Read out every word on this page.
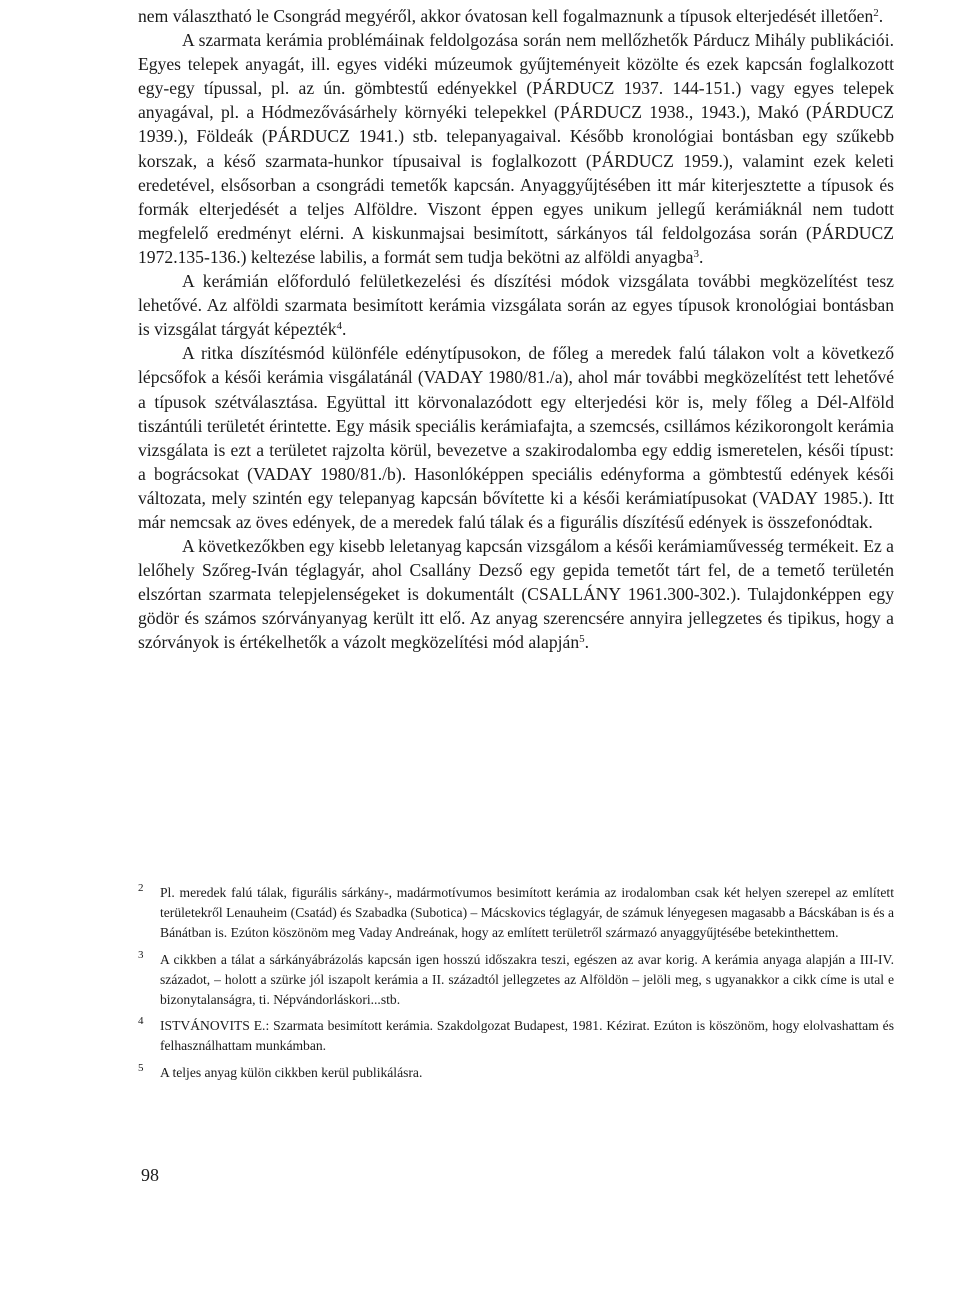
nem választható le Csongrád megyéről, akkor óvatosan kell fogalmaznunk a típusok elterjedését illetően$^2$.

A szarmata kerámia problémáinak feldolgozása során nem mellőzhetők Párducz Mihály publikációi. Egyes telepek anyagát, ill. egyes vidéki múzeumok gyűjteményeit közölte és ezek kapcsán foglalkozott egy-egy típussal, pl. az ún. gömbtestű edényekkel (PÁRDUCZ 1937. 144-151.) vagy egyes telepek anyagával, pl. a Hódmezővásárhely környéki telepekkel (PÁRDUCZ 1938., 1943.), Makó (PÁRDUCZ 1939.), Földeák (PÁRDUCZ 1941.) stb. telepanyagaival. Később kronológiai bontásban egy szűkebb korszak, a késő szarmata-hunkor típusaival is foglalkozott (PÁRDUCZ 1959.), valamint ezek keleti eredetével, elsősorban a csongrádi temetők kapcsán. Anyaggyűjtésében itt már kiterjesztette a típusok és formák elterjedését a teljes Alföldre. Viszont éppen egyes unikum jellegű kerámiáknál nem tudott megfelelő eredményt elérni. A kiskunmajsai besimított, sárkányos tál feldolgozása során (PÁRDUCZ 1972.135-136.) keltezése labilis, a formát sem tudja bekötni az alföldi anyagba$^3$.

A kerámián előforduló felületkezelési és díszítési módok vizsgálata további megközelítést tesz lehetővé. Az alföldi szarmata besimított kerámia vizsgálata során az egyes típusok kronológiai bontásban is vizsgálat tárgyát képezték$^4$.

A ritka díszítésmód különféle edénytípusokon, de főleg a meredek falú tálakon volt a következő lépcsőfok a késői kerámia visgálatánál (VADAY 1980/81./a), ahol már további megközelítést tett lehetővé a típusok szétválasztása. Együttal itt körvonalazódott egy elterjedési kör is, mely főleg a Dél-Alföld tiszántúli területét érintette. Egy másik speciális kerámiafajta, a szemcsés, csillámos kézikorongolt kerámia vizsgálata is ezt a területet rajzolta körül, bevezetve a szakirodalomba egy eddig ismeretelen, késői típust: a bográcsokat (VADAY 1980/81./b). Hasonlóképpen speciális edényforma a gömbtestű edények késői változata, mely szintén egy telepanyag kapcsán bővítette ki a késői kerámiatípusokat (VADAY 1985.). Itt már nemcsak az öves edények, de a meredek falú tálak és a figurális díszítésű edények is összefonódtak.

A következőkben egy kisebb leletanyag kapcsán vizsgálom a késői kerámiaművesség termékeit. Ez a lelőhely Szőreg-Iván téglagyár, ahol Csallány Dezső egy gepida temetőt tárt fel, de a temető területén elszórtan szarmata telepjelenségeket is dokumentált (CSALLÁNY 1961.300-302.). Tulajdonképpen egy gödör és számos szórványanyag került itt elő. Az anyag szerencsére annyira jellegzetes és tipikus, hogy a szórványok is értékelhetők a vázolt megközelítési mód alapján$^5$.

2 Pl. meredek falú tálak, figurális sárkány-, madármotívumos besimított kerámia az irodalomban csak két helyen szerepel az említett területekről Lenauheim (Csatád) és Szabadka (Subotica) – Mácskovics téglagyár, de számuk lényegesen magasabb a Bácskában is és a Bánátban is. Ezúton köszönöm meg Vaday Andreának, hogy az említett területről származó anyaggyűjtésébe betekinthettem.
3 A cikkben a tálat a sárkányábrázolás kapcsán igen hosszú időszakra teszi, egészen az avar korig. A kerámia anyaga alapján a III-IV. századot, – holott a szürke jól iszapolt kerámia a II. századtól jellegzetes az Alföldön – jelöli meg, s ugyanakkor a cikk címe is utal e bizonytalanságra, ti. Népvándorláskori...stb.
4 ISTVÁNOVITS E.: Szarmata besimított kerámia. Szakdolgozat Budapest, 1981. Kézirat. Ezúton is köszönöm, hogy elolvashattam és felhasználhattam munkámban.
5 A teljes anyag külön cikkben kerül publikálásra.
98
